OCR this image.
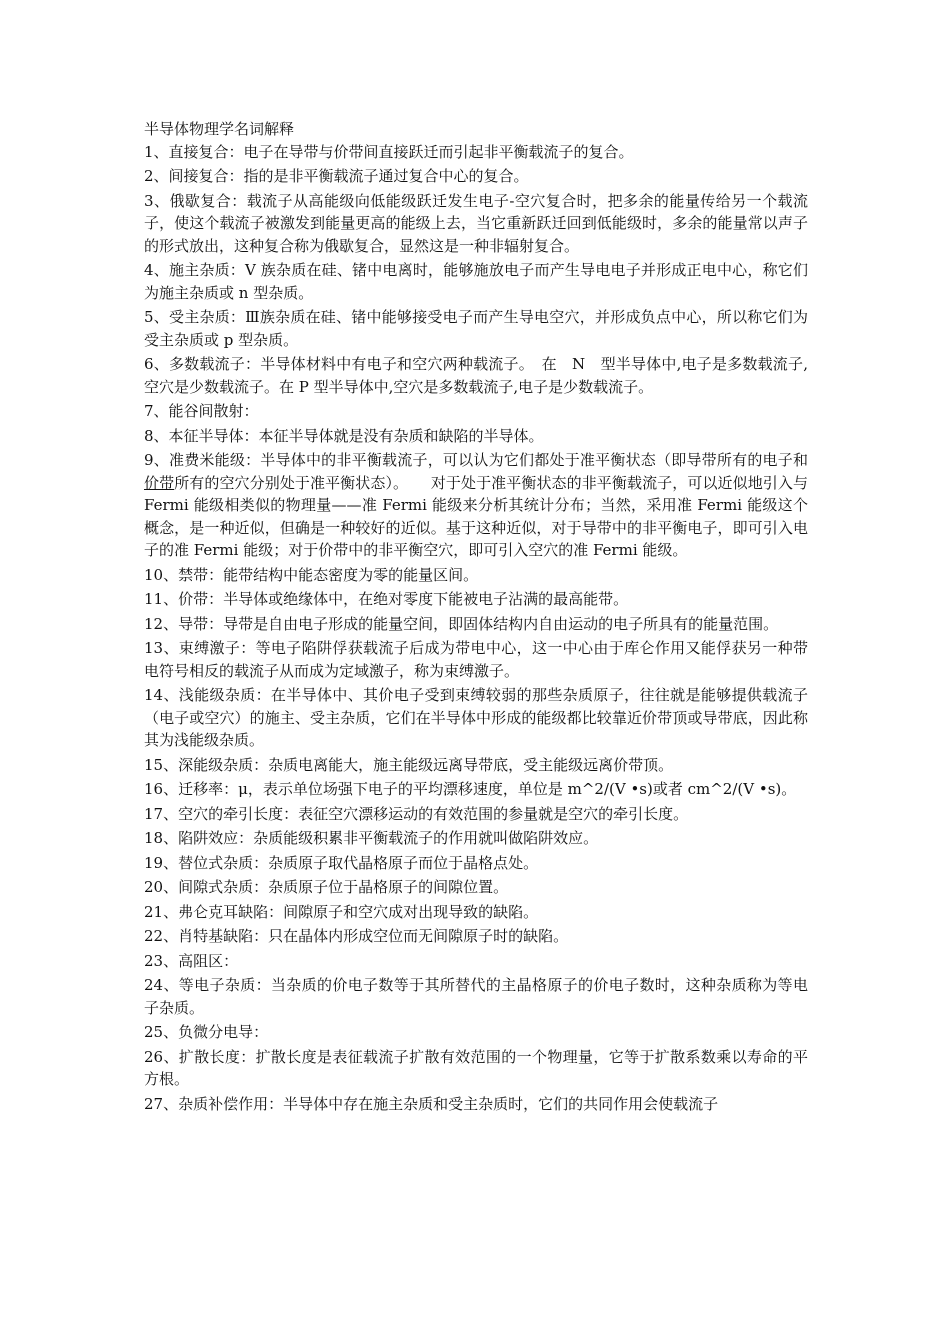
半导体物理学名词解释

1、直接复合：电子在导带与价带间直接跃迁而引起非平衡载流子的复合。

2、间接复合：指的是非平衡载流子通过复合中心的复合。

3、俄歇复合：载流子从高能级向低能级跃迁发生电子-空穴复合时，把多余的能量传给另一个载流子，使这个载流子被激发到能量更高的能级上去，当它重新跃迁回到低能级时，多余的能量常以声子的形式放出，这种复合称为俄歇复合，显然这是一种非辐射复合。

4、施主杂质：V 族杂质在硅、锗中电离时，能够施放电子而产生导电电子并形成正电中心，称它们为施主杂质或 n 型杂质。

5、受主杂质：Ⅲ族杂质在硅、锗中能够接受电子而产生导电空穴，并形成负点中心，所以称它们为受主杂质或 p 型杂质。

6、多数载流子：半导体材料中有电子和空穴两种载流子。　在　N　型半导体中,电子是多数载流子, 空穴是少数载流子。在 P 型半导体中,空穴是多数载流子,电子是少数载流子。

7、能谷间散射：

8、本征半导体：本征半导体就是没有杂质和缺陷的半导体。

9、准费米能级：半导体中的非平衡载流子，可以认为它们都处于准平衡状态（即导带所有的电子和价带所有的空穴分别处于准平衡状态）。　　对于处于准平衡状态的非平衡载流子，可以近似地引入与 Fermi 能级相类似的物理量——准 Fermi 能级来分析其统计分布；当然，采用准 Fermi 能级这个概念，是一种近似，但确是一种较好的近似。基于这种近似，对于导带中的非平衡电子，即可引入电子的准 Fermi 能级；对于价带中的非平衡空穴，即可引入空穴的准 Fermi 能级。

10、禁带：能带结构中能态密度为零的能量区间。

11、价带：半导体或绝缘体中，在绝对零度下能被电子沾满的最高能带。

12、导带：导带是自由电子形成的能量空间，即固体结构内自由运动的电子所具有的能量范围。

13、束缚激子：等电子陷阱俘获载流子后成为带电中心，这一中心由于库仑作用又能俘获另一种带电符号相反的载流子从而成为定域激子，称为束缚激子。

14、浅能级杂质：在半导体中、其价电子受到束缚较弱的那些杂质原子，往往就是能够提供载流子（电子或空穴）的施主、受主杂质，它们在半导体中形成的能级都比较靠近价带顶或导带底，因此称其为浅能级杂质。

15、深能级杂质：杂质电离能大，施主能级远离导带底，受主能级远离价带顶。

16、迁移率：μ，表示单位场强下电子的平均漂移速度，单位是 m^2/(V •s)或者 cm^2/(V •s)。

17、空穴的牵引长度：表征空穴漂移运动的有效范围的参量就是空穴的牵引长度。

18、陷阱效应：杂质能级积累非平衡载流子的作用就叫做陷阱效应。

19、替位式杂质：杂质原子取代晶格原子而位于晶格点处。

20、间隙式杂质：杂质原子位于晶格原子的间隙位置。

21、弗仑克耳缺陷：间隙原子和空穴成对出现导致的缺陷。

22、肖特基缺陷：只在晶体内形成空位而无间隙原子时的缺陷。

23、高阻区：

24、等电子杂质：当杂质的价电子数等于其所替代的主晶格原子的价电子数时，这种杂质称为等电子杂质。

25、负微分电导：

26、扩散长度：扩散长度是表征载流子扩散有效范围的一个物理量，它等于扩散系数乘以寿命的平方根。

27、杂质补偿作用：半导体中存在施主杂质和受主杂质时，它们的共同作用会使载流子
